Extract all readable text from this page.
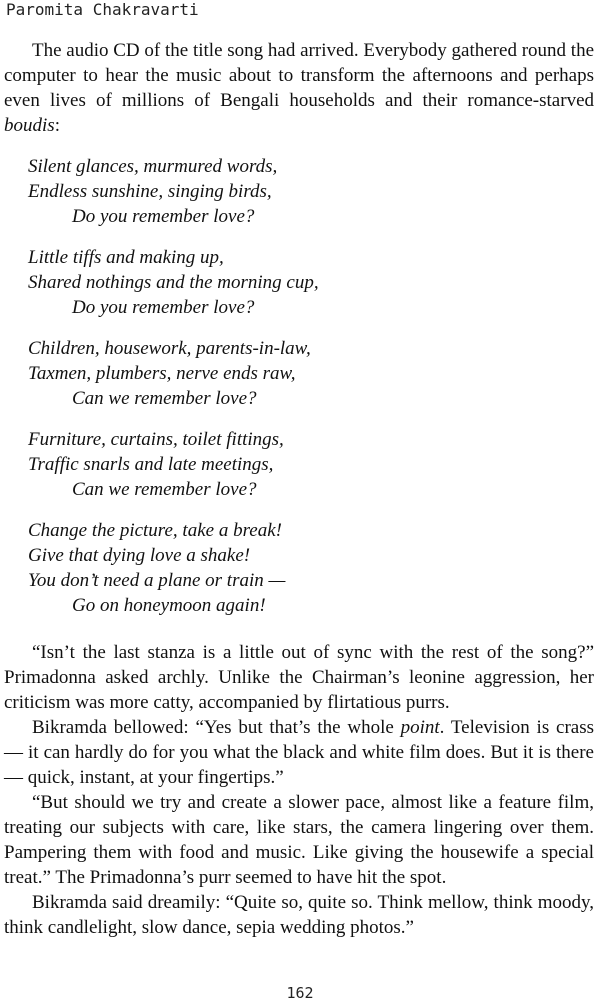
Paromita Chakravarti

The audio CD of the title song had arrived. Everybody gathered round the computer to hear the music about to transform the afternoons and perhaps even lives of millions of Bengali households and their romance-starved boudis:

Silent glances, murmured words,
Endless sunshine, singing birds,
Do you remember love?
Little tiffs and making up,
Shared nothings and the morning cup,
Do you remember love?
Children, housework, parents-in-law,
Taxmen, plumbers, nerve ends raw,
Can we remember love?
Furniture, curtains, toilet fittings,
Traffic snarls and late meetings,
Can we remember love?
Change the picture, take a break!
Give that dying love a shake!
You don’t need a plane or train —
Go on honeymoon again!

“Isn’t the last stanza is a little out of sync with the rest of the song?” Primadonna asked archly. Unlike the Chairman’s leonine aggression, her criticism was more catty, accompanied by flirtatious purrs.

Bikramda bellowed: “Yes but that’s the whole point. Television is crass — it can hardly do for you what the black and white film does. But it is there — quick, instant, at your fingertips.”

“But should we try and create a slower pace, almost like a feature film, treating our subjects with care, like stars, the camera lingering over them. Pampering them with food and music. Like giving the housewife a special treat.” The Primadonna’s purr seemed to have hit the spot.

Bikramda said dreamily: “Quite so, quite so. Think mellow, think moody, think candlelight, slow dance, sepia wedding photos.”

162
